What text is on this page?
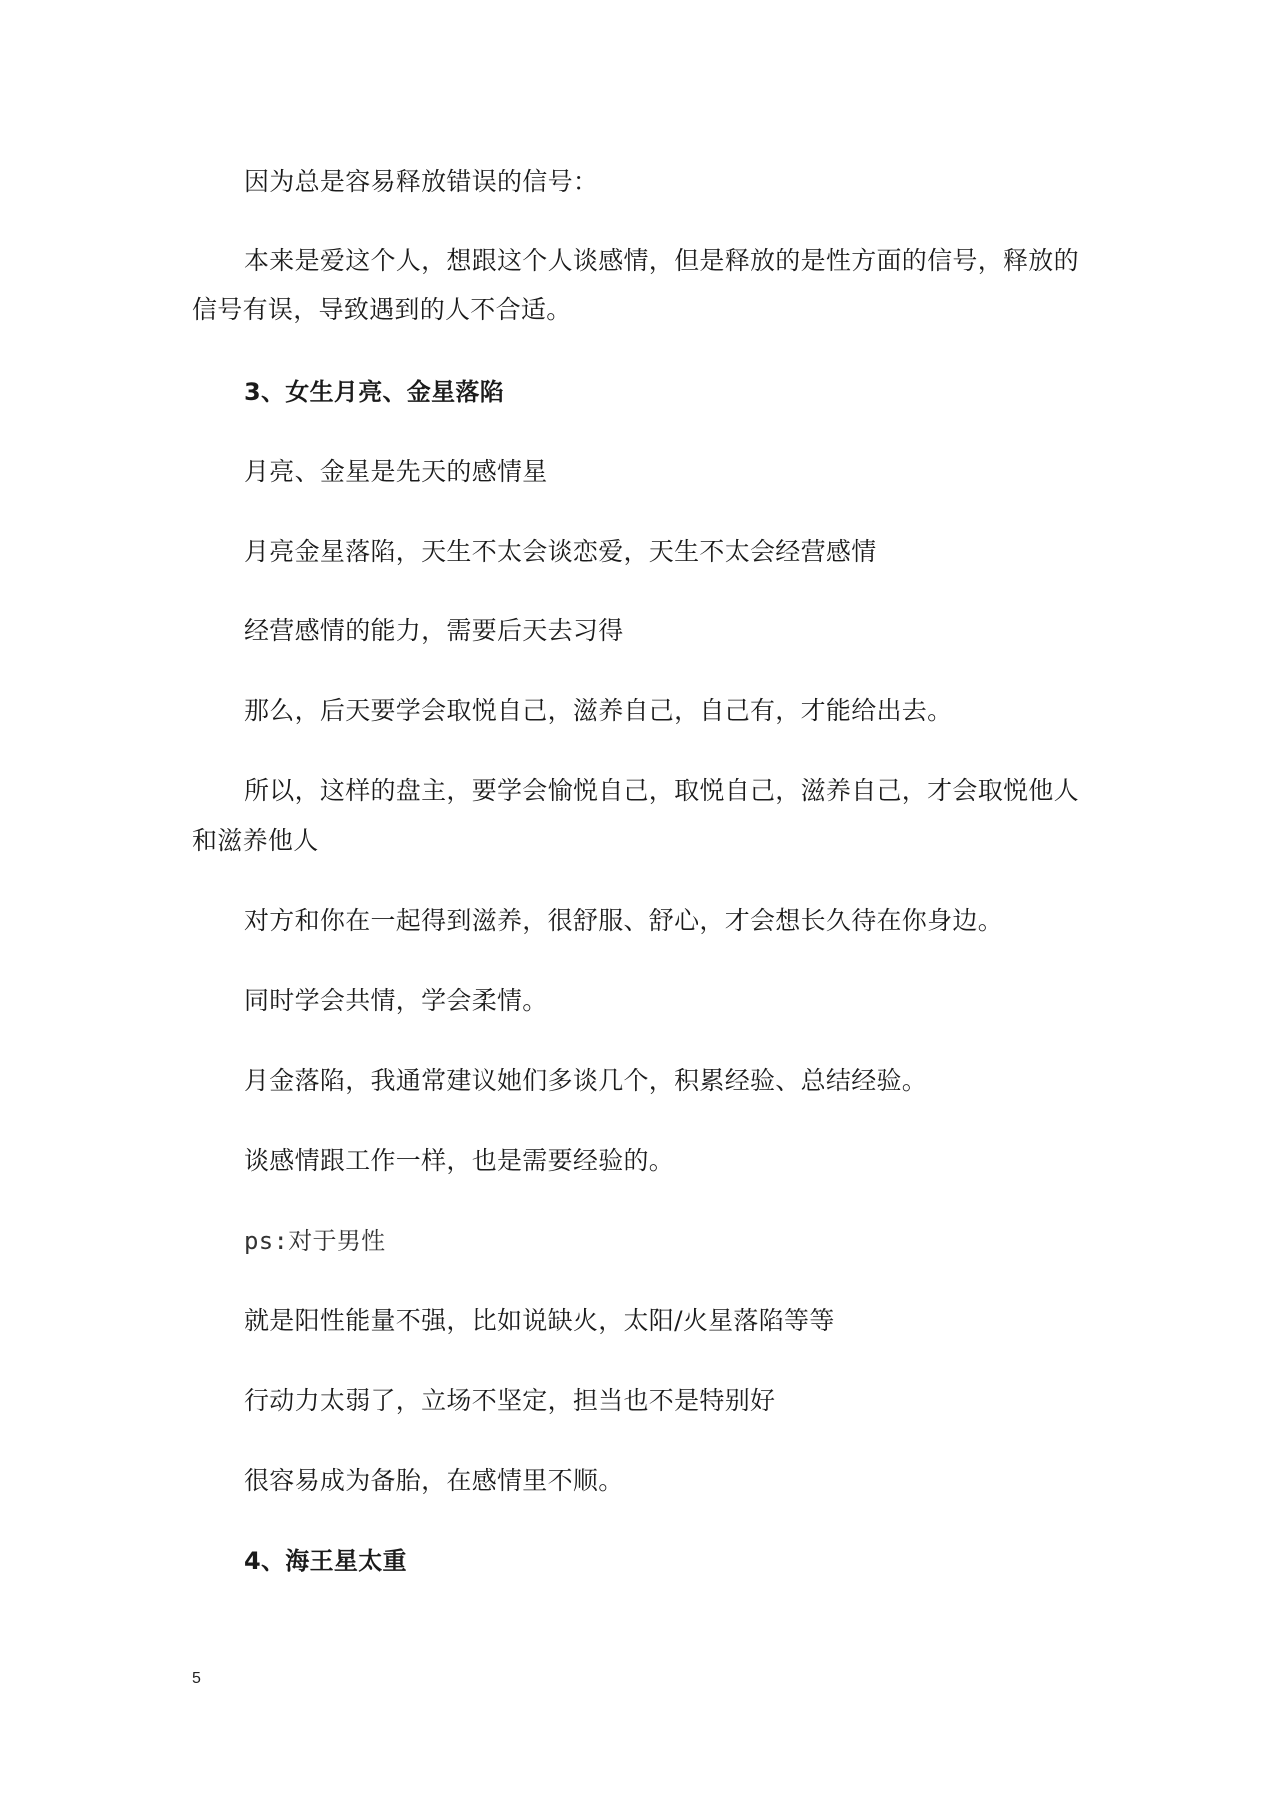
因为总是容易释放错误的信号：
本来是爱这个人，想跟这个人谈感情，但是释放的是性方面的信号，释放的
信号有误，导致遇到的人不合适。
3、女生月亮、金星落陷
月亮、金星是先天的感情星
月亮金星落陷，天生不太会谈恋爱，天生不太会经营感情
经营感情的能力，需要后天去习得
那么，后天要学会取悦自己，滋养自己，自己有，才能给出去。
所以，这样的盘主，要学会愉悦自己，取悦自己，滋养自己，才会取悦他人
和滋养他人
对方和你在一起得到滋养，很舒服、舒心，才会想长久待在你身边。
同时学会共情，学会柔情。
月金落陷，我通常建议她们多谈几个，积累经验、总结经验。
谈感情跟工作一样，也是需要经验的。
ps:对于男性
就是阳性能量不强，比如说缺火，太阳/火星落陷等等
行动力太弱了，立场不坚定，担当也不是特别好
很容易成为备胎，在感情里不顺。
4、海王星太重
5
